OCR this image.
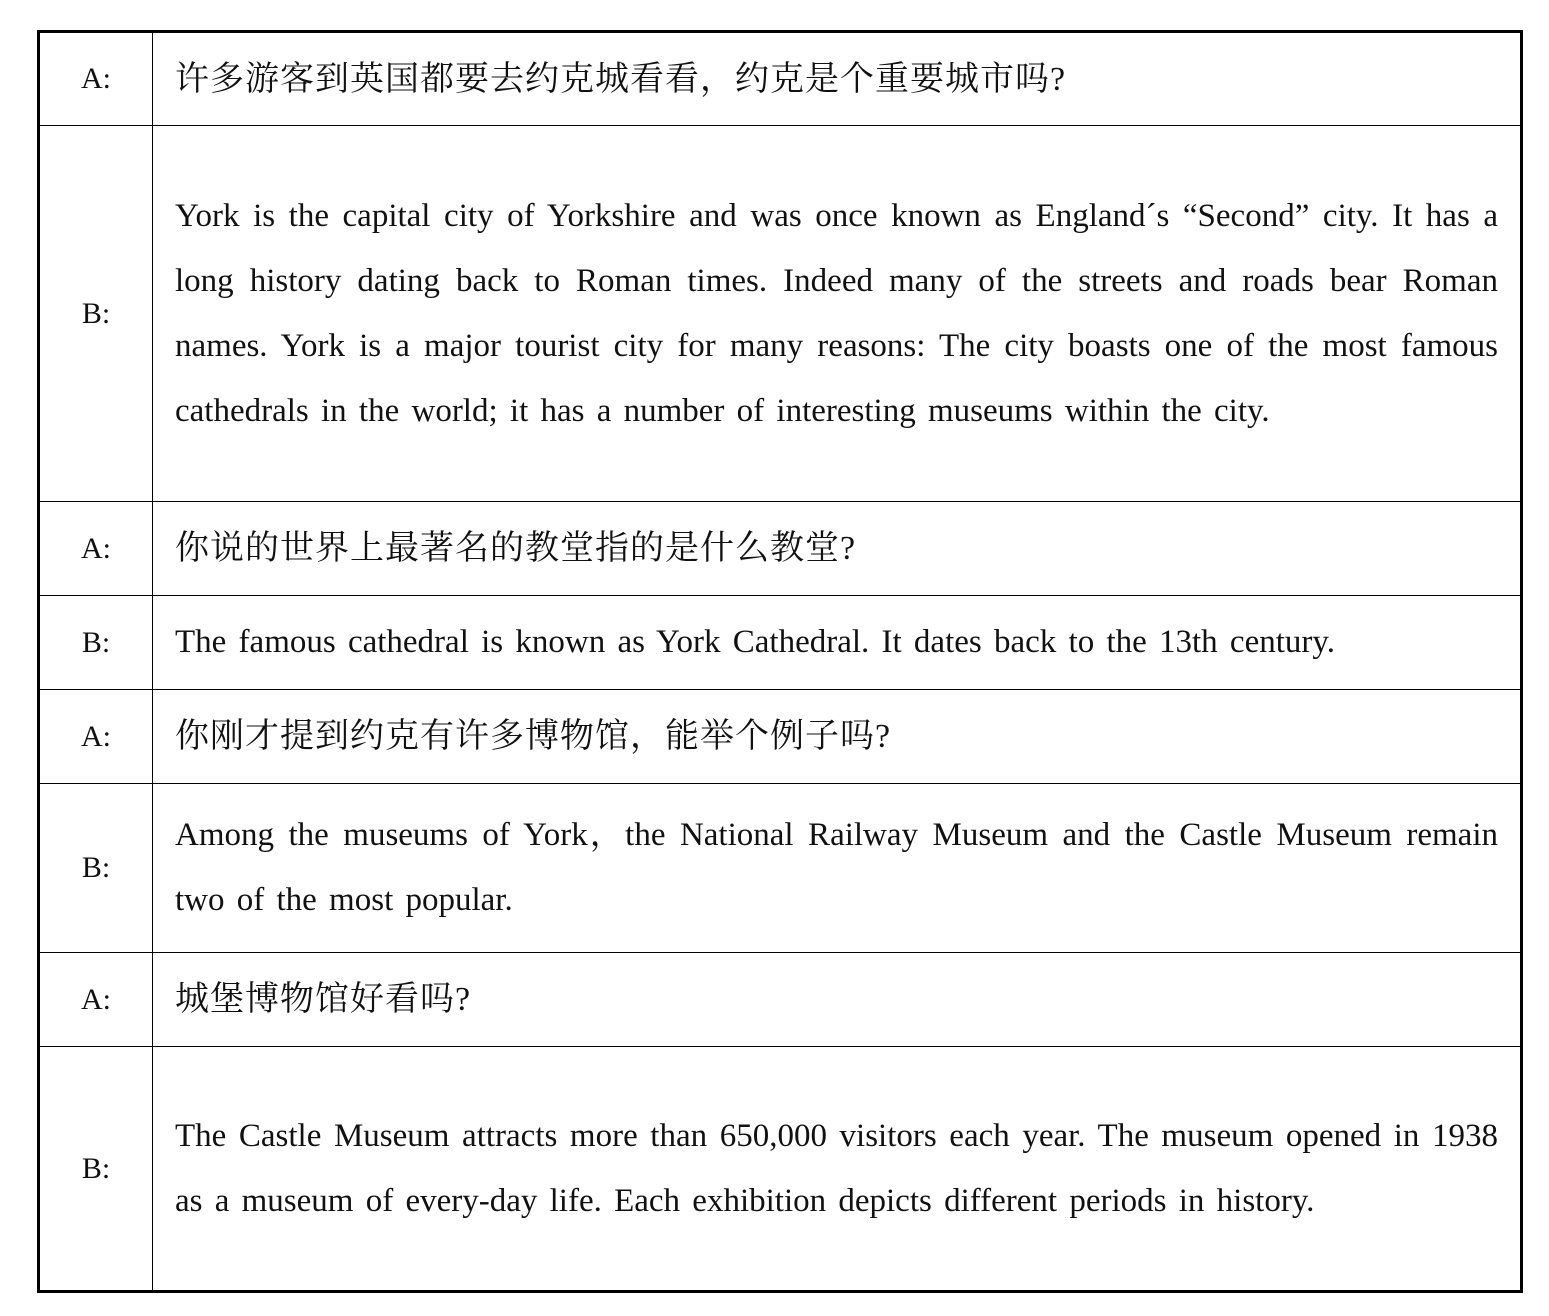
A:	许多游客到英国都要去约克城看看，约克是个重要城市吗?
B:	York is the capital city of Yorkshire and was once known as England´s “Second” city. It has a long history dating back to Roman times. Indeed many of the streets and roads bear Roman names. York is a major tourist city for many reasons: The city boasts one of the most famous cathedrals in the world; it has a number of interesting museums within the city.
A:	你说的世界上最著名的教堂指的是什么教堂?
B:	The famous cathedral is known as York Cathedral. It dates back to the 13th century.
A:	你刚才提到约克有许多博物馆，能举个例子吗?
B:	Among the museums of York，the National Railway Museum and the Castle Museum remain two of the most popular.
A:	城堡博物馆好看吗?
B:	The Castle Museum attracts more than 650,000 visitors each year. The museum opened in 1938 as a museum of every-day life. Each exhibition depicts different periods in history.
